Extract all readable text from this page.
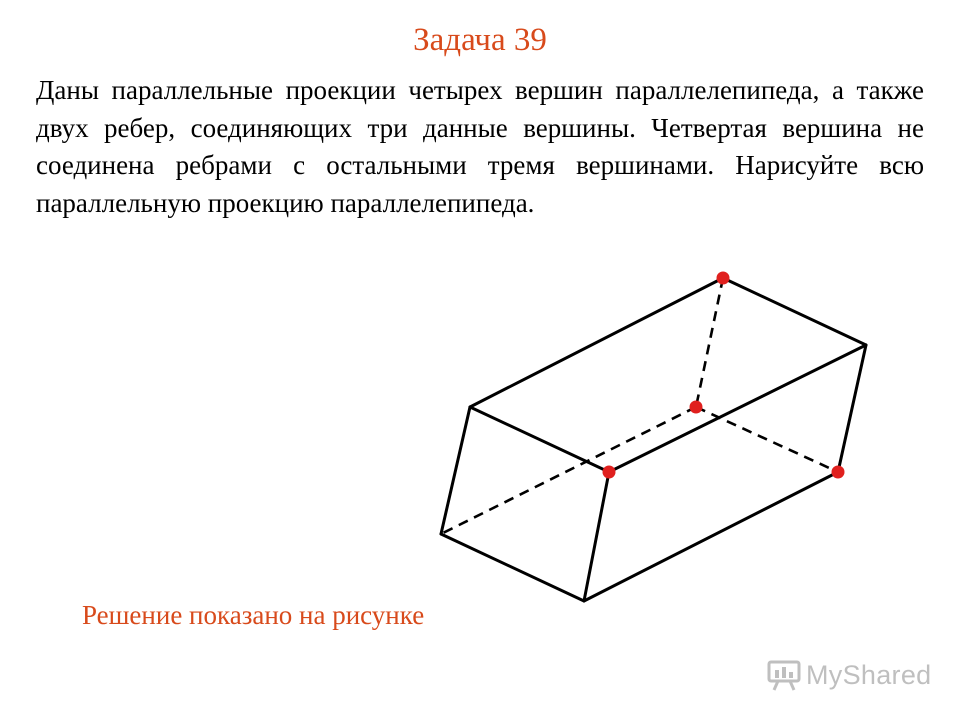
Задача 39
Даны параллельные проекции четырех вершин параллелепипеда, а также двух ребер, соединяющих три данные вершины. Четвертая вершина не соединена ребрами с остальными тремя вершинами. Нарисуйте всю параллельную проекцию параллелепипеда.
Решение показано на рисунке
MyShared
